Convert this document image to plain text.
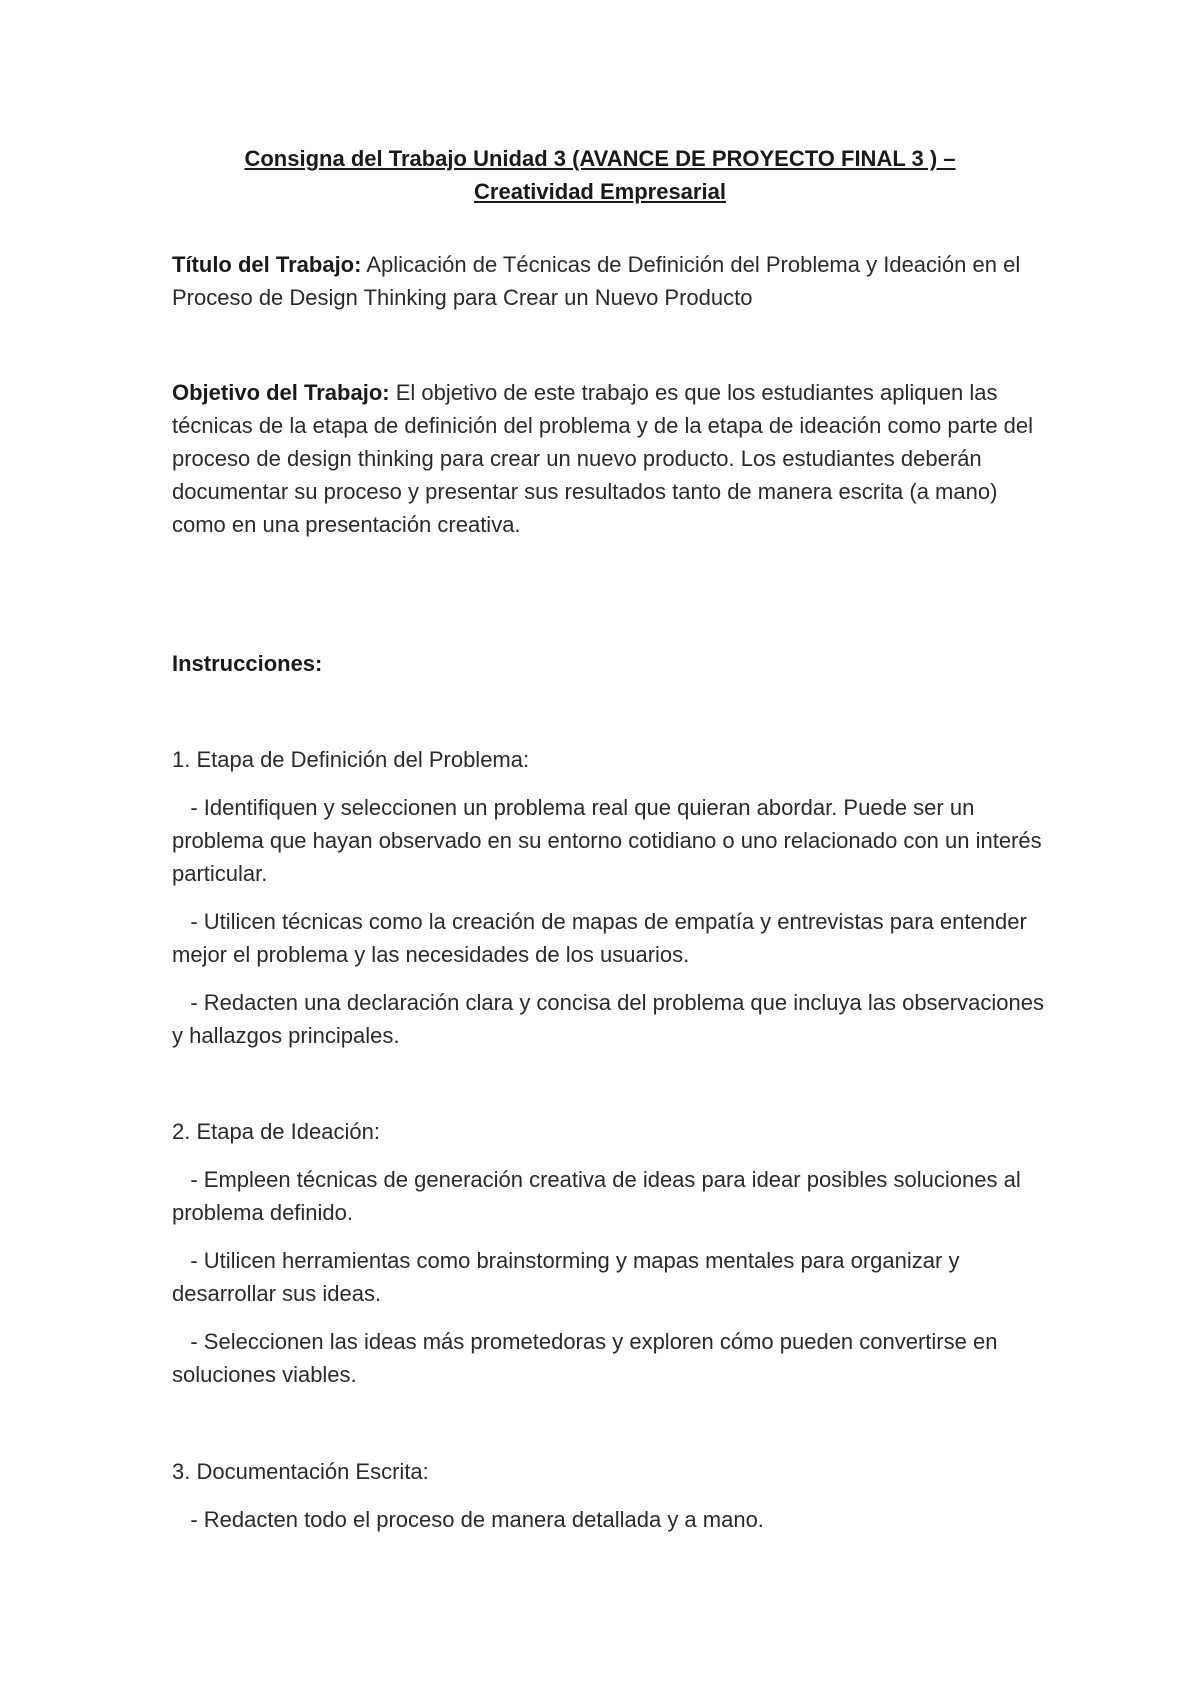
Consigna del Trabajo Unidad 3 (AVANCE DE PROYECTO FINAL 3 ) –
Creatividad Empresarial
Título del Trabajo: Aplicación de Técnicas de Definición del Problema y Ideación en el Proceso de Design Thinking para Crear un Nuevo Producto
Objetivo del Trabajo: El objetivo de este trabajo es que los estudiantes apliquen las técnicas de la etapa de definición del problema y de la etapa de ideación como parte del proceso de design thinking para crear un nuevo producto. Los estudiantes deberán documentar su proceso y presentar sus resultados tanto de manera escrita (a mano) como en una presentación creativa.
Instrucciones:
1. Etapa de Definición del Problema:
- Identifiquen y seleccionen un problema real que quieran abordar. Puede ser un problema que hayan observado en su entorno cotidiano o uno relacionado con un interés particular.
- Utilicen técnicas como la creación de mapas de empatía y entrevistas para entender mejor el problema y las necesidades de los usuarios.
- Redacten una declaración clara y concisa del problema que incluya las observaciones y hallazgos principales.
2. Etapa de Ideación:
- Empleen técnicas de generación creativa de ideas para idear posibles soluciones al problema definido.
- Utilicen herramientas como brainstorming y mapas mentales para organizar y desarrollar sus ideas.
- Seleccionen las ideas más prometedoras y exploren cómo pueden convertirse en soluciones viables.
3. Documentación Escrita:
- Redacten todo el proceso de manera detallada y a mano.
